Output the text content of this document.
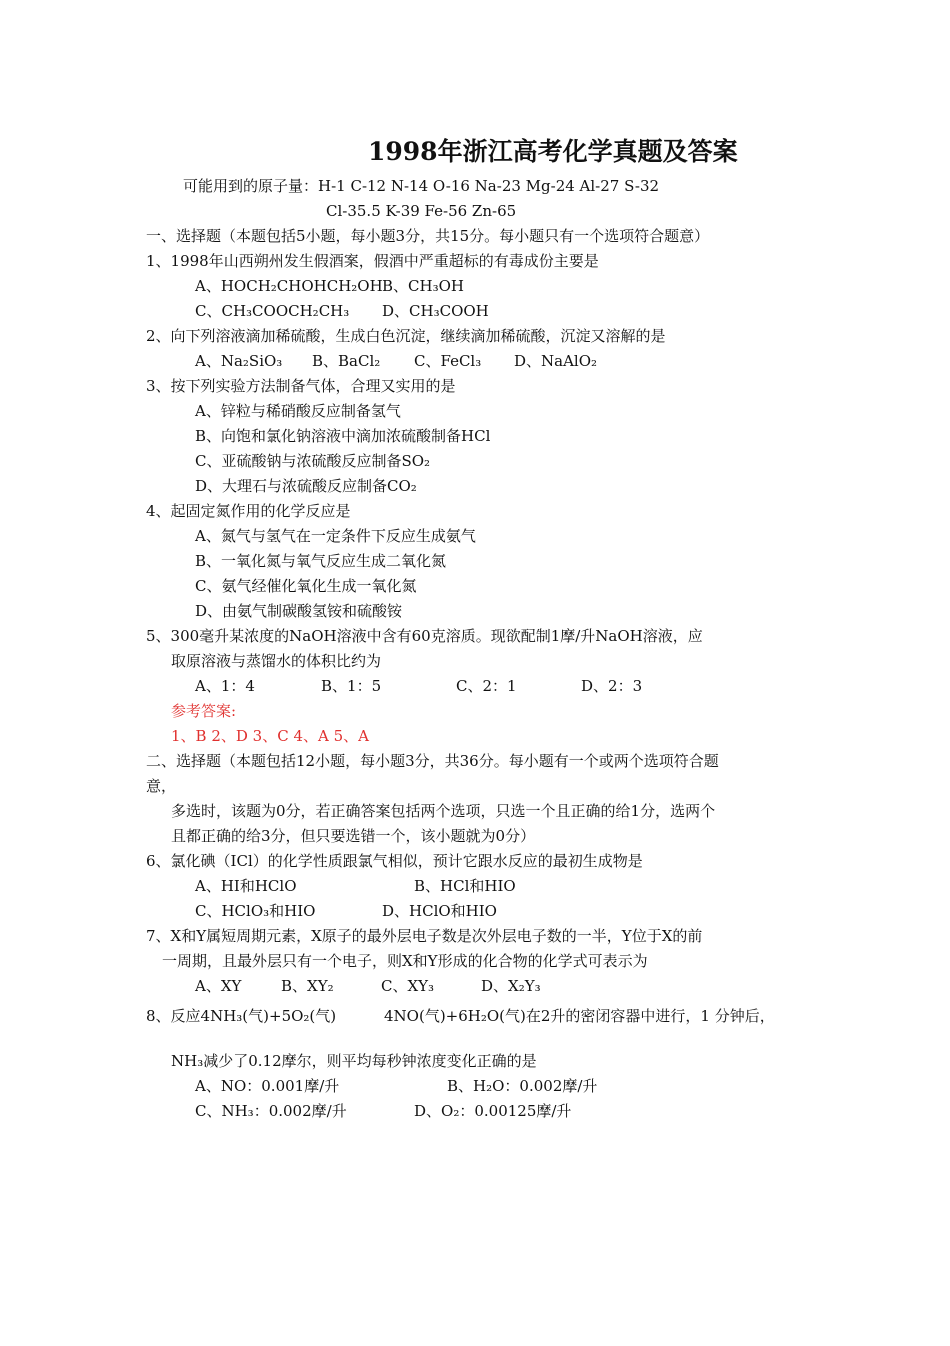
1998年浙江高考化学真题及答案
可能用到的原子量：H-1 C-12 N-14 O-16 Na-23 Mg-24 Al-27 S-32
Cl-35.5 K-39 Fe-56 Zn-65
一、选择题（本题包括5小题，每小题3分，共15分。每小题只有一个选项符合题意）
1、1998年山西朔州发生假酒案，假酒中严重超标的有毒成份主要是
A、HOCH₂CHOHCH₂OH B、CH₃OH
C、CH₃COOCH₂CH₃ D、CH₃COOH
2、向下列溶液滴加稀硫酸，生成白色沉淀，继续滴加稀硫酸，沉淀又溶解的是
A、Na₂SiO₃ B、BaCl₂ C、FeCl₃ D、NaAlO₂
3、按下列实验方法制备气体，合理又实用的是
A、锌粒与稀硝酸反应制备氢气
B、向饱和氯化钠溶液中滴加浓硫酸制备HCl
C、亚硫酸钠与浓硫酸反应制备SO₂
D、大理石与浓硫酸反应制备CO₂
4、起固定氮作用的化学反应是
A、氮气与氢气在一定条件下反应生成氨气
B、一氧化氮与氧气反应生成二氧化氮
C、氨气经催化氧化生成一氧化氮
D、由氨气制碳酸氢铵和硫酸铵
5、300毫升某浓度的NaOH溶液中含有60克溶质。现欲配制1摩/升NaOH溶液，应
取原溶液与蒸馏水的体积比约为
A、1：4	B、1：5	C、2：1	D、2：3
参考答案:
1、B 2、D 3、C 4、A 5、A
二、选择题（本题包括12小题，每小题3分，共36分。每小题有一个或两个选项符合题
意，
多选时，该题为0分，若正确答案包括两个选项，只选一个且正确的给1分，选两个
且都正确的给3分，但只要选错一个，该小题就为0分）
6、氯化碘（ICl）的化学性质跟氯气相似，预计它跟水反应的最初生成物是
A、HI和HClO	B、HCl和HIO
C、HClO₃和HIO	D、HClO和HIO
7、X和Y属短周期元素，X原子的最外层电子数是次外层电子数的一半，Y位于X的前
一周期，且最外层只有一个电子，则X和Y形成的化合物的化学式可表示为
A、XY	B、XY₂	C、XY₃	D、X₂Y₃
8、反应4NH₃(气)+5O₂(气)	4NO(气)+6H₂O(气)在2升的密闭容器中进行，1 分钟后，
NH₃减少了0.12摩尔，则平均每秒钟浓度变化正确的是
A、NO：0.001摩/升	B、H₂O：0.002摩/升
C、NH₃：0.002摩/升	D、O₂：0.00125摩/升
